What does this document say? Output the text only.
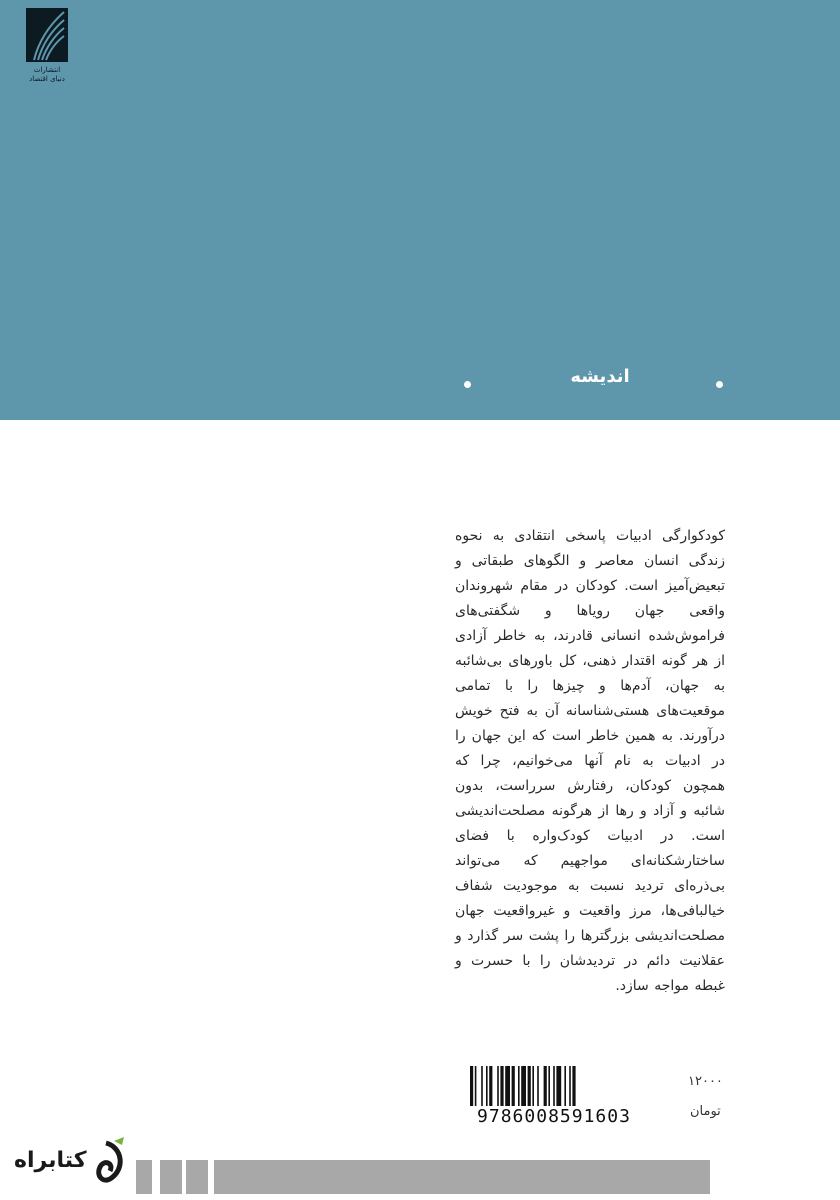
انتشارات
دنیای اقتصاد
اندیشه
کودکوارگی ادبیات پاسخی انتقادی به نحوه زندگی انسان معاصر و الگوهای طبقاتی و تبعیض‌آمیز است. کودکان در مقام شهروندان واقعی جهان رویاها و شگفتی‌های فراموش‌شده انسانی قادرند، به خاطر آزادی از هر گونه اقتدار ذهنی، کل باورهای بی‌شائبه به جهان، آدم‌ها و چیزها را با تمامی موقعیت‌های هستی‌شناسانه آن به فتح خویش درآورند. به همین خاطر است که این جهان را در ادبیات به نام آنها می‌خوانیم، چرا که همچون کودکان، رفتارش سرراست، بدون شائبه و آزاد و رها از هرگونه مصلحت‌اندیشی است. در ادبیات کودک‌واره با فضای ساختارشکنانه‌ای مواجهیم که می‌تواند بی‌ذره‌ای تردید نسبت به موجودیت شفاف خیالبافی‌ها، مرز واقعیت و غیرواقعیت جهان مصلحت‌اندیشی بزرگترها را پشت سر گذارد و عقلانیت دائم در تردیدشان را با حسرت و غبطه مواجه سازد.
9786008591603
۱۲۰۰۰
تومان
کتابراه
